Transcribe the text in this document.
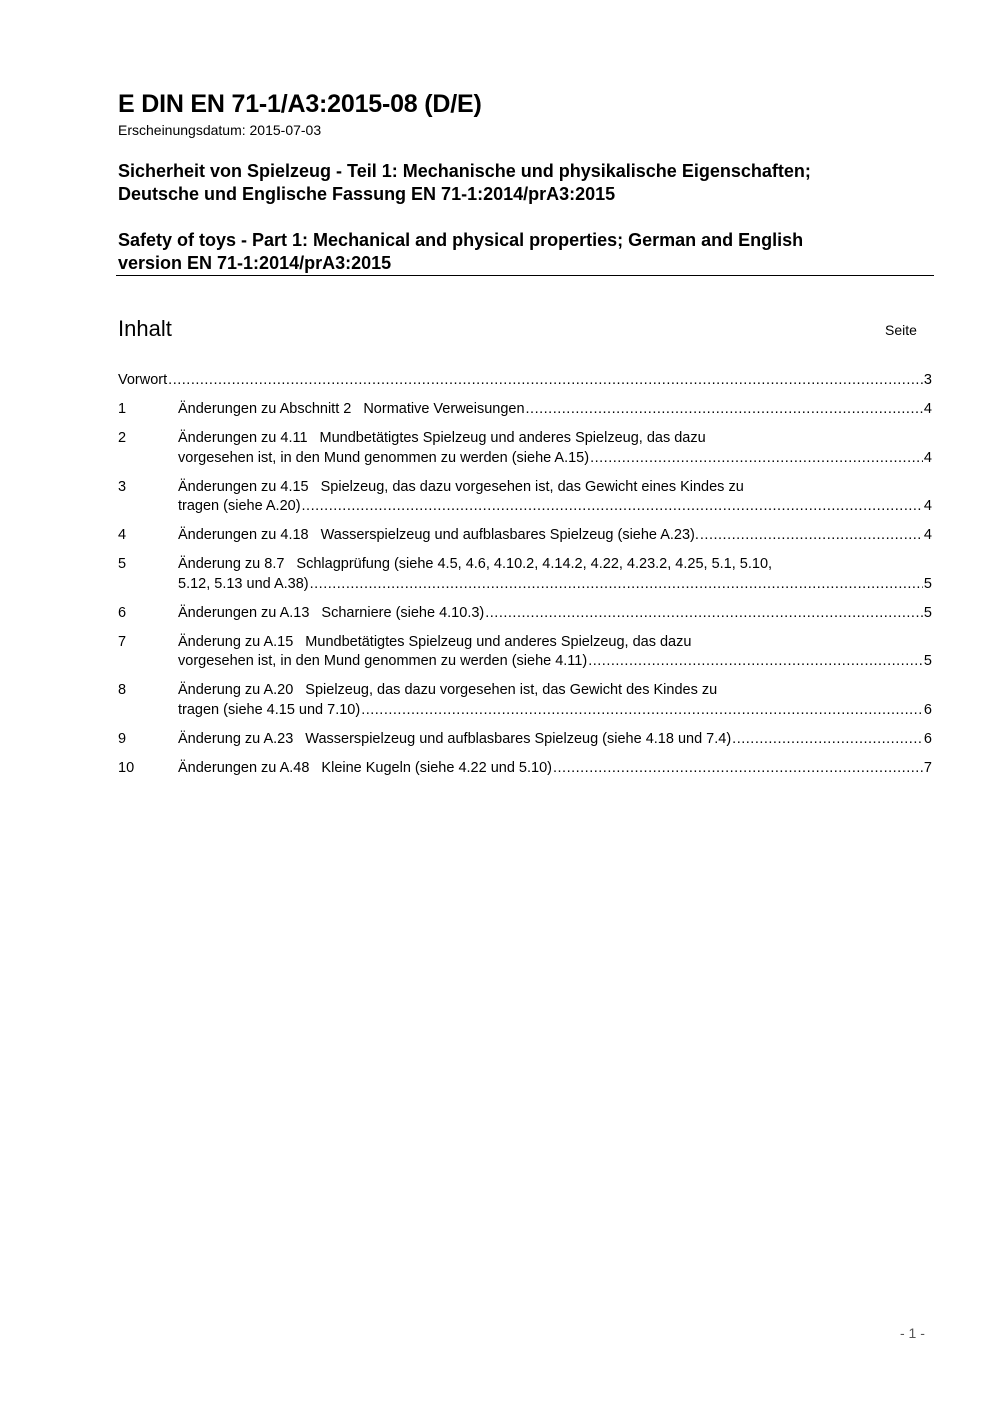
E DIN EN 71-1/A3:2015-08 (D/E)
Erscheinungsdatum: 2015-07-03
Sicherheit von Spielzeug - Teil 1: Mechanische und physikalische Eigenschaften;
Deutsche und Englische Fassung EN 71-1:2014/prA3:2015
Safety of toys - Part 1: Mechanical and physical properties; German and English
version EN 71-1:2014/prA3:2015
Inhalt	Seite
Vorwort .....	3
1	Änderungen zu Abschnitt 2 Normative Verweisungen .....	4
2	Änderungen zu 4.11 Mundbetätigtes Spielzeug und anderes Spielzeug, das dazu
vorgesehen ist, in den Mund genommen zu werden (siehe A.15) .....	4
3	Änderungen zu 4.15 Spielzeug, das dazu vorgesehen ist, das Gewicht eines Kindes zu
tragen (siehe A.20) .....	4
4	Änderungen zu 4.18 Wasserspielzeug und aufblasbares Spielzeug (siehe A.23). .....	4
5	Änderung zu 8.7 Schlagprüfung (siehe 4.5, 4.6, 4.10.2, 4.14.2, 4.22, 4.23.2, 4.25, 5.1, 5.10,
5.12, 5.13 und A.38) .....	5
6	Änderungen zu A.13 Scharniere (siehe 4.10.3) .....	5
7	Änderung zu A.15 Mundbetätigtes Spielzeug und anderes Spielzeug, das dazu
vorgesehen ist, in den Mund genommen zu werden (siehe 4.11) .....	5
8	Änderung zu A.20 Spielzeug, das dazu vorgesehen ist, das Gewicht des Kindes zu
tragen (siehe 4.15 und 7.10) .....	6
9	Änderung zu A.23 Wasserspielzeug und aufblasbares Spielzeug (siehe 4.18 und 7.4) .....	6
10	Änderungen zu A.48 Kleine Kugeln (siehe 4.22 und 5.10) .....	7
- 1 -
